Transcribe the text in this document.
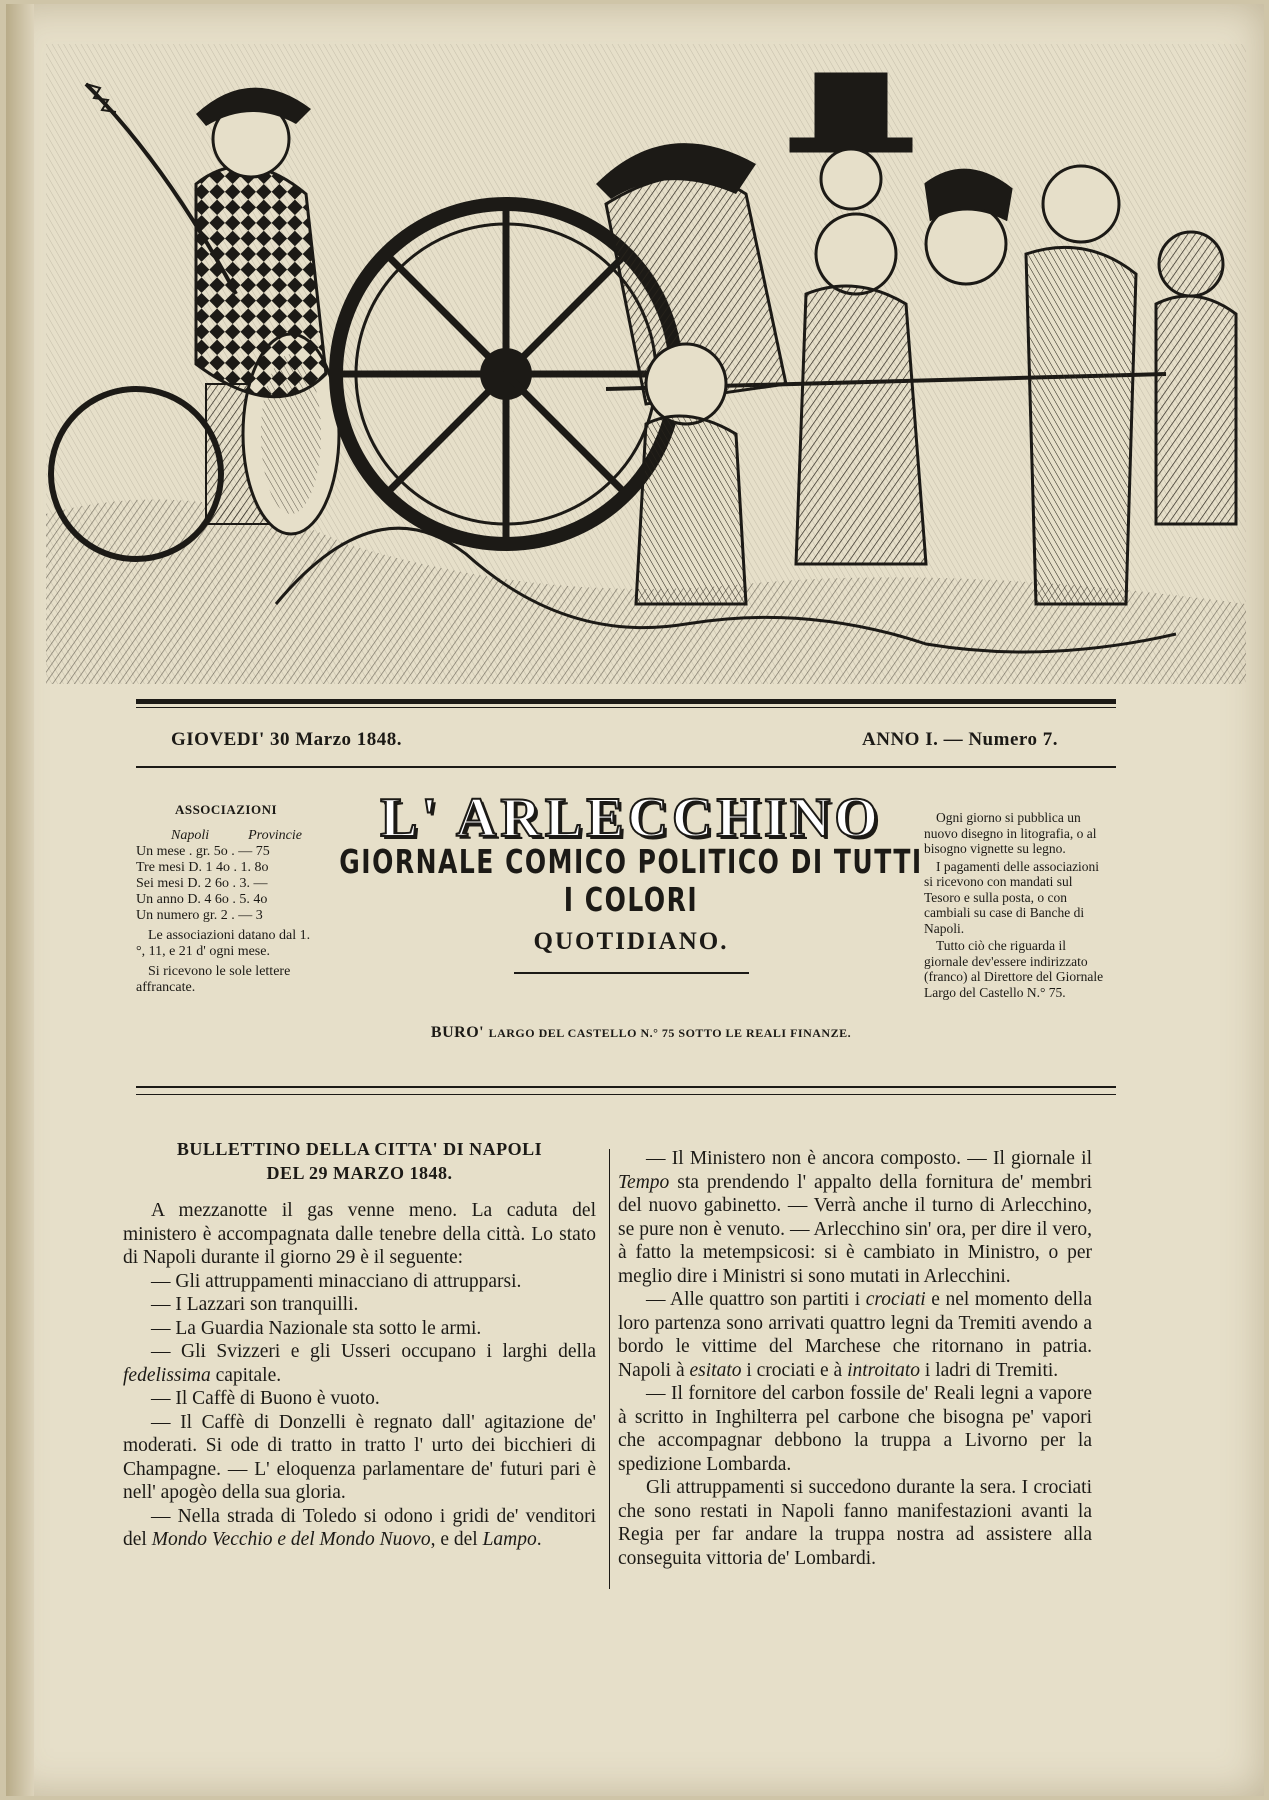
GIOVEDI' 30 Marzo 1848.	ANNO I. — Numero 7.
ASSOCIAZIONI
Napoli	Provincie
Un mese . gr. 5o . — 75
Tre mesi D. 1 4o . 1. 8o
Sei mesi D. 2 6o . 3. —
Un anno D. 4 6o . 5. 4o
Un numero gr. 2 . — 3
Le associazioni datano dal 1.°, 11, e 21 d' ogni mese.
Si ricevono le sole lettere affrancate.
L' ARLECCHINO
GIORNALE COMICO POLITICO DI TUTTI I COLORI
QUOTIDIANO.
BURO' LARGO DEL CASTELLO N.° 75 SOTTO LE REALI FINANZE.

Ogni giorno si pubblica un nuovo disegno in litografia, o al bisogno vignette su legno.

I pagamenti delle associazioni si ricevono con mandati sul Tesoro e sulla posta, o con cambiali su case di Banche di Napoli.

Tutto ciò che riguarda il giornale dev'essere indirizzato (franco) al Direttore del Giornale Largo del Castello N.° 75.

BULLETTINO DELLA CITTA' DI NAPOLI
DEL 29 MARZO 1848.

A mezzanotte il gas venne meno. La caduta del ministero è accompagnata dalle tenebre della città. Lo stato di Napoli durante il giorno 29 è il seguente:

— Gli attruppamenti minacciano di attrupparsi.

— I Lazzari son tranquilli.

— La Guardia Nazionale sta sotto le armi.

— Gli Svizzeri e gli Usseri occupano i larghi della fedelissima capitale.

— Il Caffè di Buono è vuoto.

— Il Caffè di Donzelli è regnato dall' agitazione de' moderati. Si ode di tratto in tratto l' urto dei bicchieri di Champagne. — L' eloquenza parlamentare de' futuri pari è nell' apogèo della sua gloria.

— Nella strada di Toledo si odono i gridi de' venditori del Mondo Vecchio e del Mondo Nuovo, e del Lampo.

— Il Ministero non è ancora composto. — Il giornale il Tempo sta prendendo l' appalto della fornitura de' membri del nuovo gabinetto. — Verrà anche il turno di Arlecchino, se pure non è venuto. — Arlecchino sin' ora, per dire il vero, à fatto la metempsicosi: si è cambiato in Ministro, o per meglio dire i Ministri si sono mutati in Arlecchini.

— Alle quattro son partiti i crociati e nel momento della loro partenza sono arrivati quattro legni da Tremiti avendo a bordo le vittime del Marchese che ritornano in patria. Napoli à esitato i crociati e à introitato i ladri di Tremiti.

— Il fornitore del carbon fossile de' Reali legni a vapore à scritto in Inghilterra pel carbone che bisogna pe' vapori che accompagnar debbono la truppa a Livorno per la spedizione Lombarda.

Gli attruppamenti si succedono durante la sera. I crociati che sono restati in Napoli fanno manifestazioni avanti la Regia per far andare la truppa nostra ad assistere alla conseguita vittoria de' Lombardi.
